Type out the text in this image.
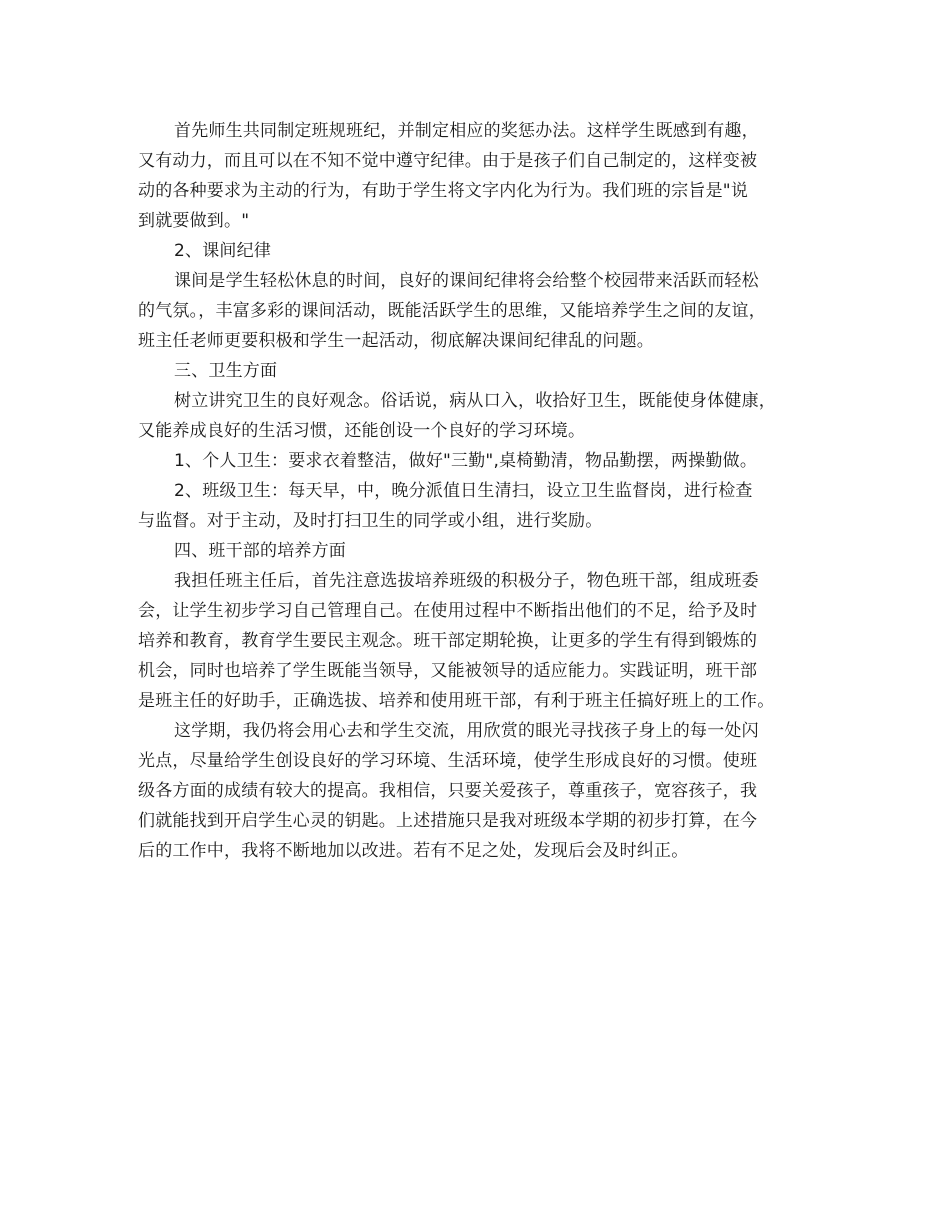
首先师生共同制定班规班纪，并制定相应的奖惩办法。这样学生既感到有趣，
又有动力，而且可以在不知不觉中遵守纪律。由于是孩子们自己制定的，这样变被
动的各种要求为主动的行为，有助于学生将文字内化为行为。我们班的宗旨是"说
到就要做到。"
2、课间纪律
课间是学生轻松休息的时间，良好的课间纪律将会给整个校园带来活跃而轻松
的气氛。，丰富多彩的课间活动，既能活跃学生的思维，又能培养学生之间的友谊，
班主任老师更要积极和学生一起活动，彻底解决课间纪律乱的问题。
三、卫生方面
树立讲究卫生的良好观念。俗话说，病从口入，收拾好卫生，既能使身体健康，
又能养成良好的生活习惯，还能创设一个良好的学习环境。
1、个人卫生：要求衣着整洁，做好"三勤",桌椅勤清，物品勤摆，两操勤做。
2、班级卫生：每天早，中，晚分派值日生清扫，设立卫生监督岗，进行检查
与监督。对于主动，及时打扫卫生的同学或小组，进行奖励。
四、班干部的培养方面
我担任班主任后，首先注意选拔培养班级的积极分子，物色班干部，组成班委
会，让学生初步学习自己管理自己。在使用过程中不断指出他们的不足，给予及时
培养和教育，教育学生要民主观念。班干部定期轮换，让更多的学生有得到锻炼的
机会，同时也培养了学生既能当领导，又能被领导的适应能力。实践证明，班干部
是班主任的好助手，正确选拔、培养和使用班干部，有利于班主任搞好班上的工作。
这学期，我仍将会用心去和学生交流，用欣赏的眼光寻找孩子身上的每一处闪
光点，尽量给学生创设良好的学习环境、生活环境，使学生形成良好的习惯。使班
级各方面的成绩有较大的提高。我相信，只要关爱孩子，尊重孩子，宽容孩子，我
们就能找到开启学生心灵的钥匙。上述措施只是我对班级本学期的初步打算，在今
后的工作中，我将不断地加以改进。若有不足之处，发现后会及时纠正。
